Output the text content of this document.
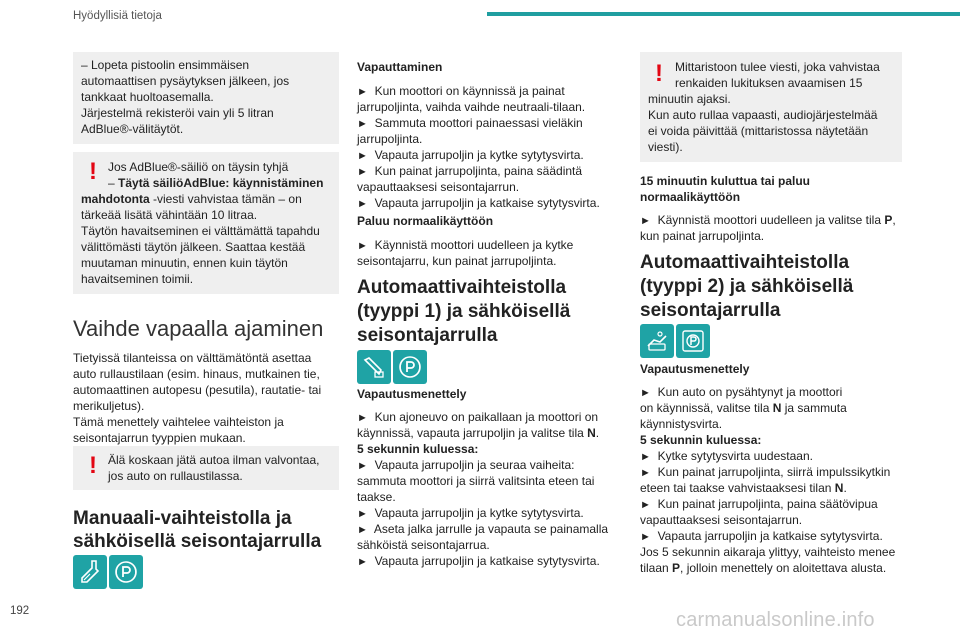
Hyödyllisiä tietoja

– Lopeta pistoolin ensimmäisen

automaattisen pysäytyksen jälkeen, jos

tankkaat huoltoasemalla.

Järjestelmä rekisteröi vain yli 5 litran

AdBlue®-välitäytöt.

! Jos AdBlue®-säiliö on täysin tyhjä

– Täytä säiliöAdBlue: käynnistäminen

mahdotonta -viesti vahvistaa tämän – on

tärkeää lisätä vähintään 10 litraa.

Täytön havaitseminen ei välttämättä tapahdu

välittömästi täytön jälkeen. Saattaa kestää

muutaman minuutin, ennen kuin täytön

havaitseminen toimii.

Vaihde vapaalla ajaminen

Tietyissä tilanteissa on välttämätöntä asettaa

auto rullaustilaan (esim. hinaus, mutkainen tie,

automaattinen autopesu (pesutila), rautatie- tai

merikuljetus).

Tämä menettely vaihtelee vaihteiston ja

seisontajarrun tyyppien mukaan.

! Älä koskaan jätä autoa ilman valvontaa,

jos auto on rullaustilassa.

Manuaali-vaihteistolla ja
sähköisellä seisontajarrulla
Vapauttaminen

► Kun moottori on käynnissä ja painat

jarrupoljinta, vaihda vaihde neutraali-tilaan.

► Sammuta moottori painaessasi vieläkin

jarrupoljinta.

► Vapauta jarrupoljin ja kytke sytytysvirta.

► Kun painat jarrupoljinta, paina säädintä

vapauttaaksesi seisontajarrun.

► Vapauta jarrupoljin ja katkaise sytytysvirta.

Paluu normaalikäyttöön

► Käynnistä moottori uudelleen ja kytke

seisontajarru, kun painat jarrupoljinta.

Automaattivaihteistolla
(tyyppi 1) ja sähköisellä
seisontajarrulla
Vapautusmenettely

► Kun ajoneuvo on paikallaan ja moottori on

käynnissä, vapauta jarrupoljin ja valitse tila N.

5 sekunnin kuluessa:

► Vapauta jarrupoljin ja seuraa vaiheita:

sammuta moottori ja siirrä valitsinta eteen tai

taakse.

► Vapauta jarrupoljin ja kytke sytytysvirta.

► Aseta jalka jarrulle ja vapauta se painamalla

sähköistä seisontajarrua.

► Vapauta jarrupoljin ja katkaise sytytysvirta.

! Mittaristoon tulee viesti, joka vahvistaa

renkaiden lukituksen avaamisen 15

minuutin ajaksi.

Kun auto rullaa vapaasti, audiojärjestelmää

ei voida päivittää (mittaristossa näytetään

viesti).

15 minuutin kuluttua tai paluu
normaalikäyttöön

► Käynnistä moottori uudelleen ja valitse tila P,

kun painat jarrupoljinta.

Automaattivaihteistolla
(tyyppi 2) ja sähköisellä
seisontajarrulla
Vapautusmenettely

► Kun auto on pysähtynyt ja moottori

on käynnissä, valitse tila N ja sammuta

käynnistysvirta.

5 sekunnin kuluessa:

► Kytke sytytysvirta uudestaan.

► Kun painat jarrupoljinta, siirrä impulssikytkin

eteen tai taakse vahvistaaksesi tilan N.

► Kun painat jarrupoljinta, paina säätövipua

vapauttaaksesi seisontajarrun.

► Vapauta jarrupoljin ja katkaise sytytysvirta.

Jos 5 sekunnin aikaraja ylittyy, vaihteisto menee

tilaan P, jolloin menettely on aloitettava alusta.

192	carmanualsonline.info
